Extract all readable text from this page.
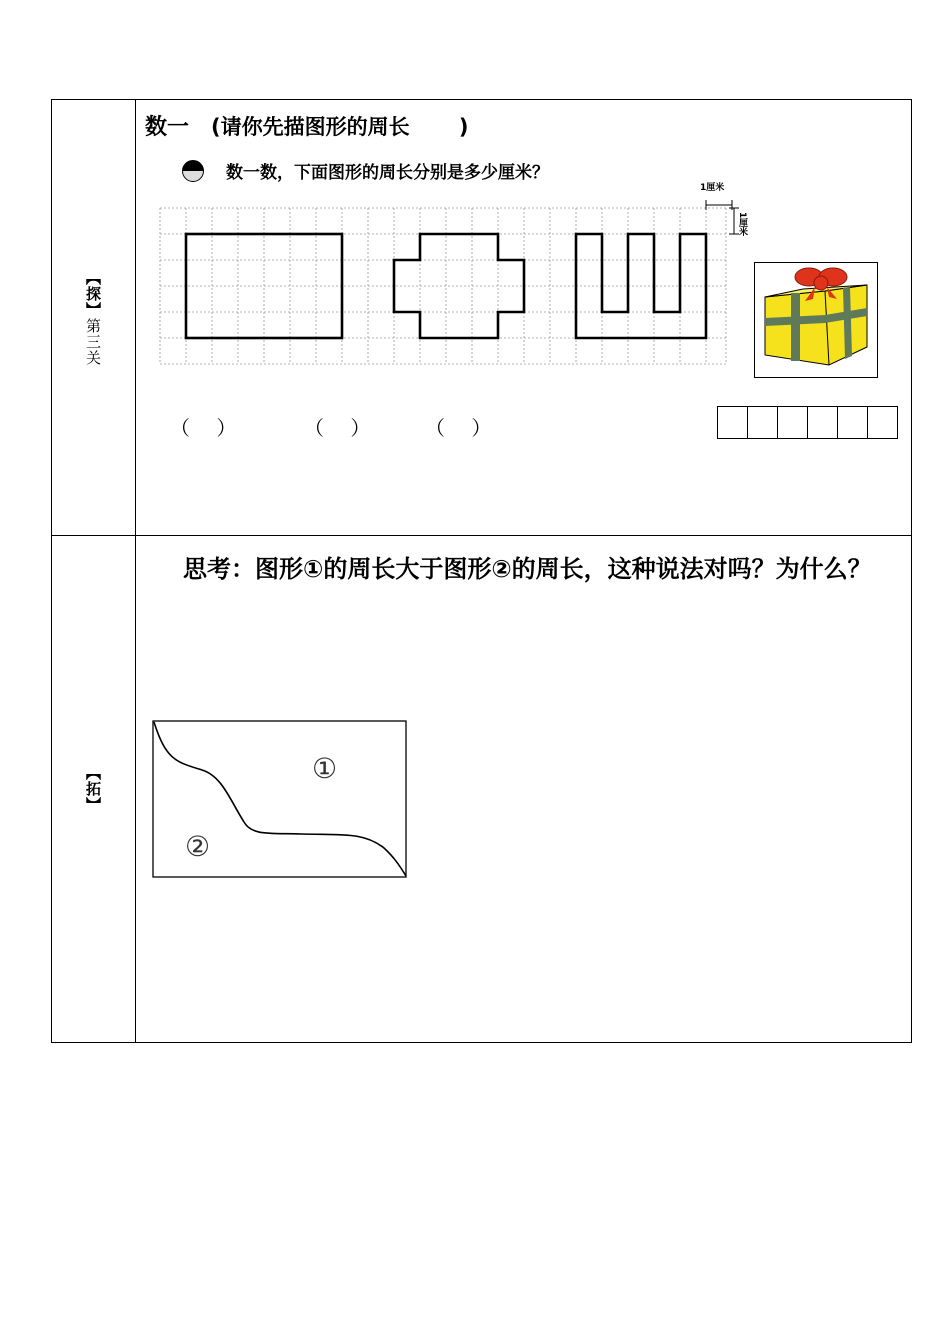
【探】第三关
数一 (请你先描图形的周长　　 )
数一数，下面图形的周长分别是多少厘米？
1厘米
1厘米
（　 ）	（　 ）	（　 ）
【拓】
思考：图形①的周长大于图形②的周长，这种说法对吗？为什么？
①
②
